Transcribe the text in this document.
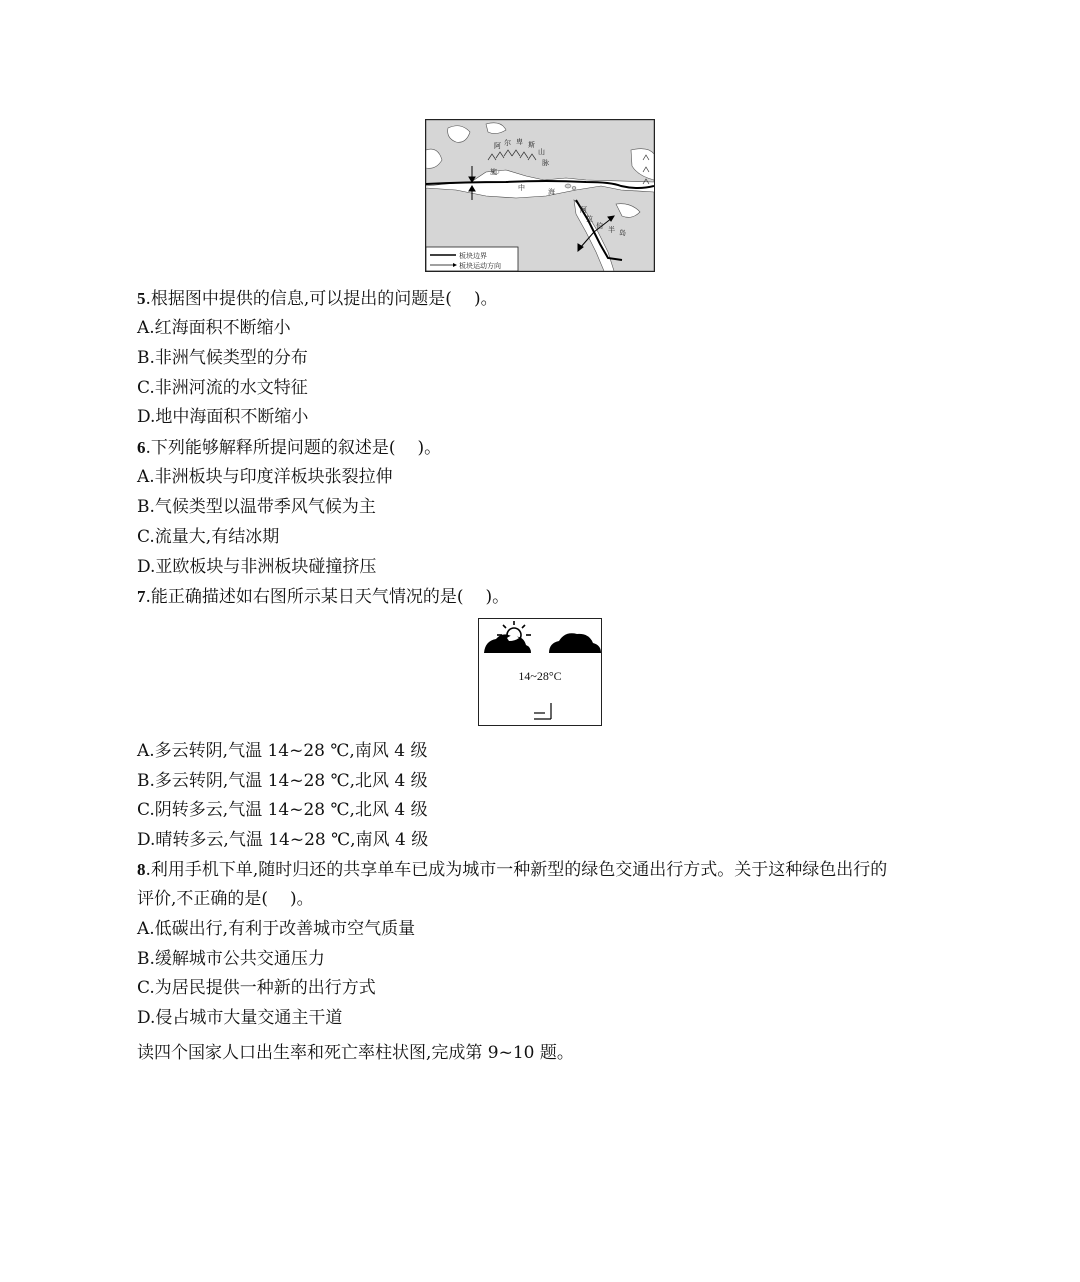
阿 尔 卑 斯
山
脉
施
中	海
阿
拉
伯 半 岛
板块边界
板块运动方向
5.根据图中提供的信息,可以提出的问题是( )。
A.红海面积不断缩小
B.非洲气候类型的分布
C.非洲河流的水文特征
D.地中海面积不断缩小
6.下列能够解释所提问题的叙述是( )。
A.非洲板块与印度洋板块张裂拉伸
B.气候类型以温带季风气候为主
C.流量大,有结冰期
D.亚欧板块与非洲板块碰撞挤压
7.能正确描述如右图所示某日天气情况的是( )。
14~28°C
A.多云转阴,气温 14~28 ℃,南风 4 级
B.多云转阴,气温 14~28 ℃,北风 4 级
C.阴转多云,气温 14~28 ℃,北风 4 级
D.晴转多云,气温 14~28 ℃,南风 4 级
8.利用手机下单,随时归还的共享单车已成为城市一种新型的绿色交通出行方式。关于这种绿色出行的
评价,不正确的是( )。
A.低碳出行,有利于改善城市空气质量
B.缓解城市公共交通压力
C.为居民提供一种新的出行方式
D.侵占城市大量交通主干道
读四个国家人口出生率和死亡率柱状图,完成第 9~10 题。
